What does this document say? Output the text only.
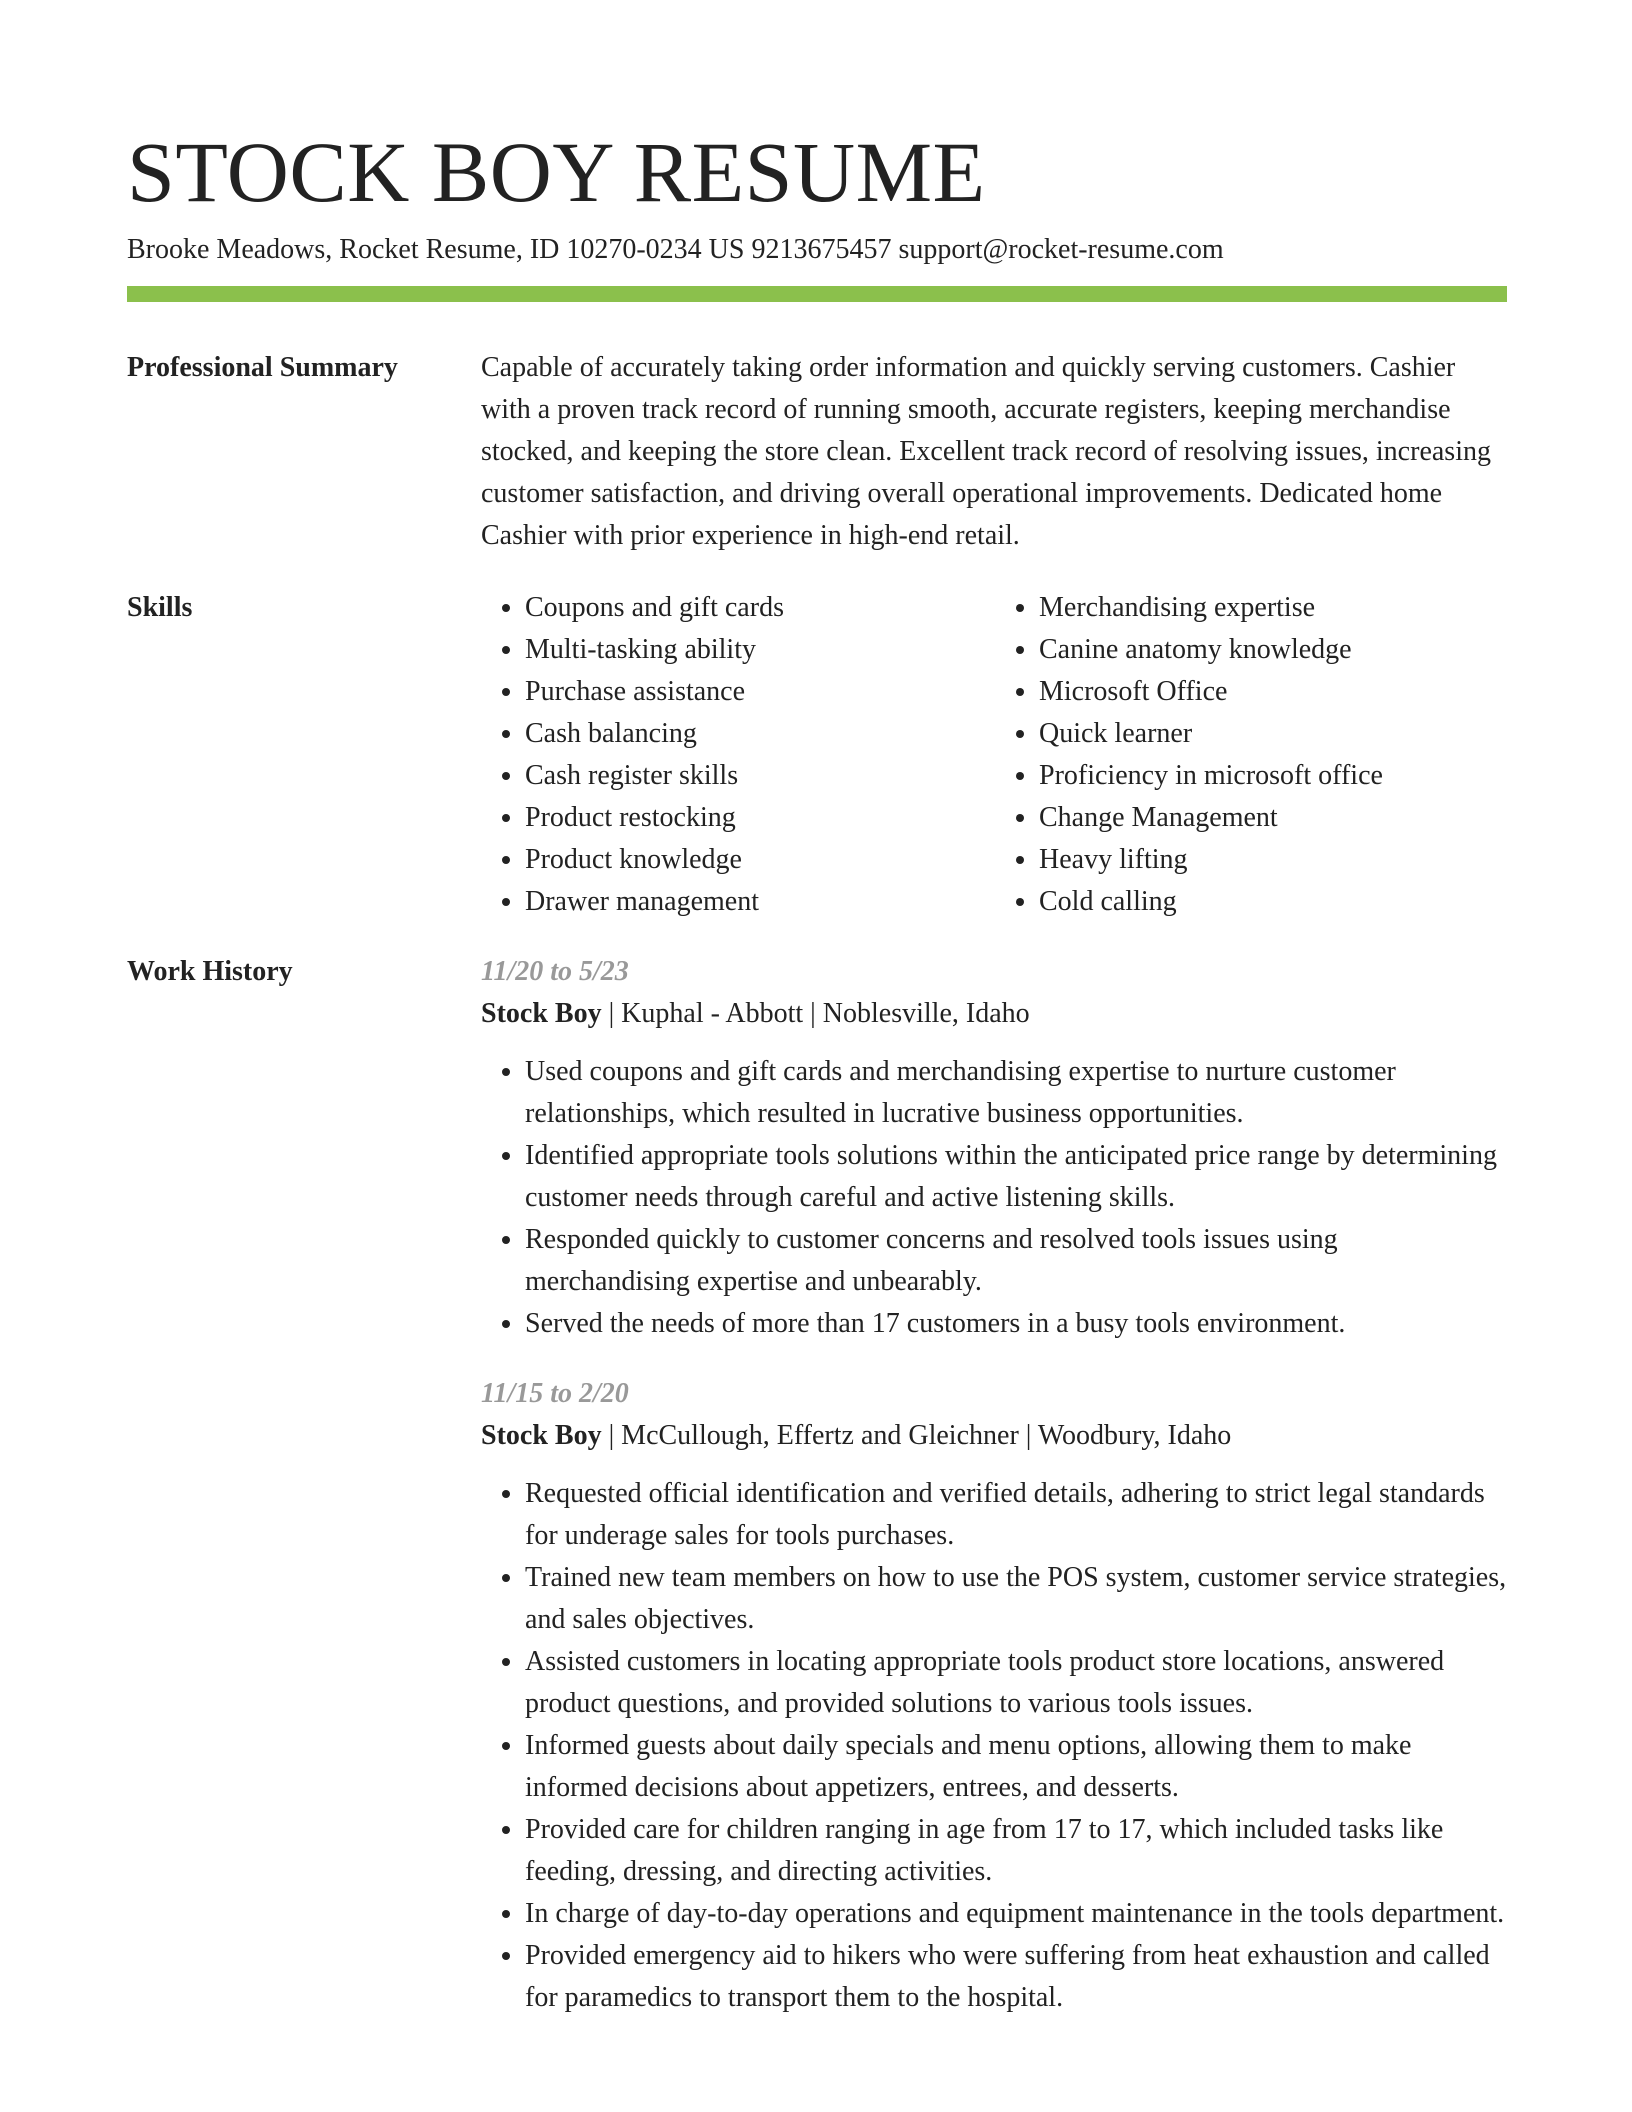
STOCK BOY RESUME
Brooke Meadows, Rocket Resume, ID 10270-0234 US 9213675457 support@rocket-resume.com
Professional Summary	Capable of accurately taking order information and quickly serving customers. Cashier with a proven track record of running smooth, accurate registers, keeping merchandise stocked, and keeping the store clean. Excellent track record of resolving issues, increasing customer satisfaction, and driving overall operational improvements. Dedicated home Cashier with prior experience in high-end retail.

Skills
•	Coupons and gift cards
• Multi-tasking ability
• Purchase assistance
• Cash balancing
• Cash register skills
• Product restocking
• Product knowledge
• Drawer management
• Merchandising expertise
• Canine anatomy knowledge
• Microsoft Office
• Quick learner
• Proficiency in microsoft office
• Change Management
• Heavy lifting
• Cold calling
Work History	11/20 to 5/23
Stock Boy | Kuphal - Abbott | Noblesville, Idaho
• Used coupons and gift cards and merchandising expertise to nurture customer relationships, which resulted in lucrative business opportunities.
• Identified appropriate tools solutions within the anticipated price range by determining customer needs through careful and active listening skills.
• Responded quickly to customer concerns and resolved tools issues using merchandising expertise and unbearably.
• Served the needs of more than 17 customers in a busy tools environment.
11/15 to 2/20
Stock Boy | McCullough, Effertz and Gleichner | Woodbury, Idaho
• Requested official identification and verified details, adhering to strict legal standards for underage sales for tools purchases.
• Trained new team members on how to use the POS system, customer service strategies, and sales objectives.
• Assisted customers in locating appropriate tools product store locations, answered product questions, and provided solutions to various tools issues.
• Informed guests about daily specials and menu options, allowing them to make informed decisions about appetizers, entrees, and desserts.
• Provided care for children ranging in age from 17 to 17, which included tasks like feeding, dressing, and directing activities.
• In charge of day-to-day operations and equipment maintenance in the tools department.
• Provided emergency aid to hikers who were suffering from heat exhaustion and called for paramedics to transport them to the hospital.
